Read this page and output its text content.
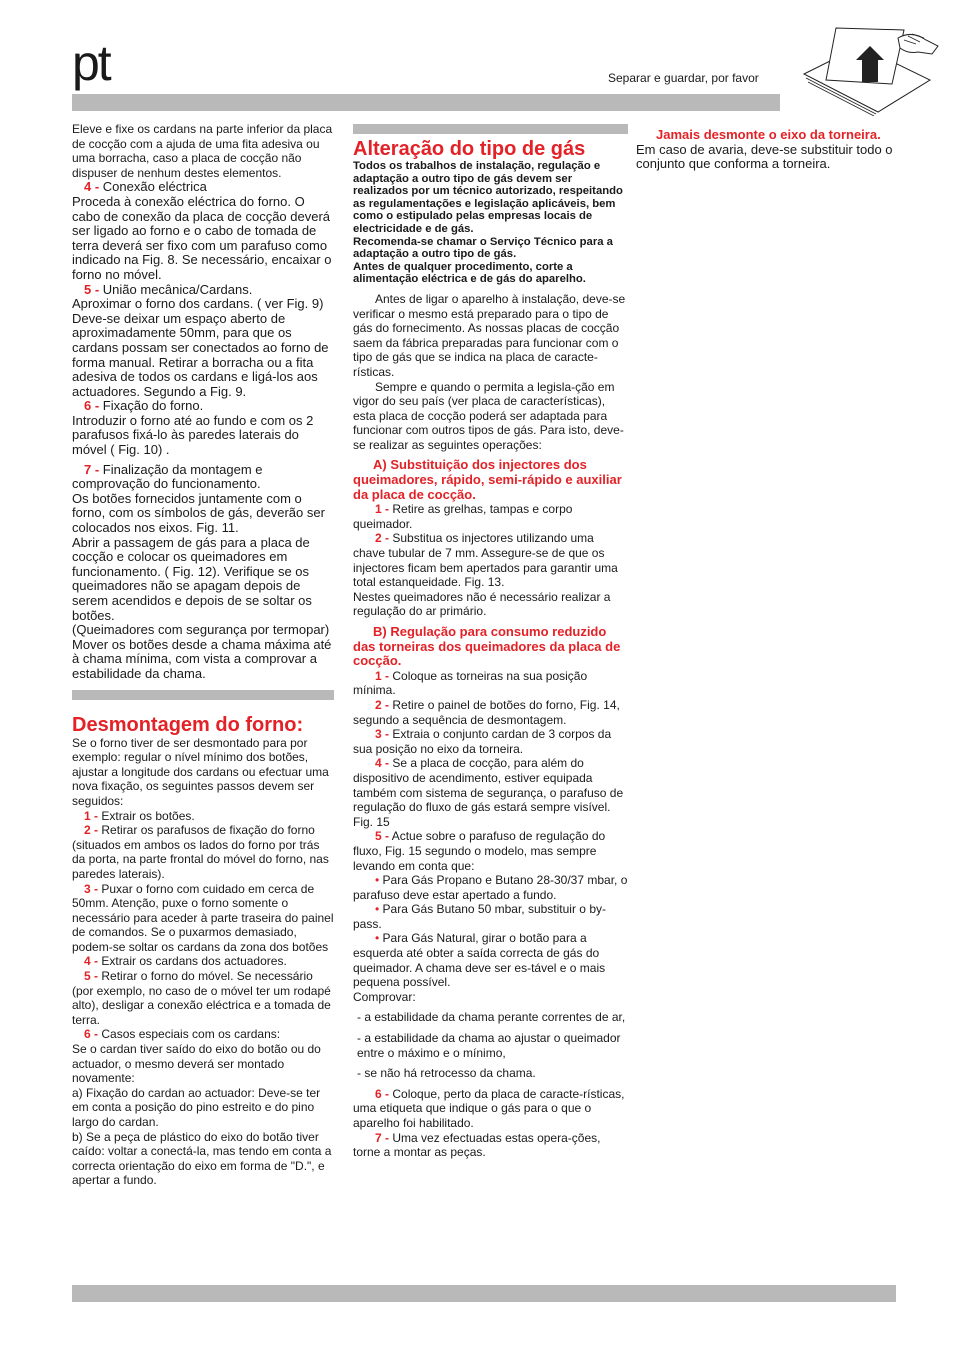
pt	Separar e guardar, por favor

Eleve e fixe os cardans na parte inferior da placa de cocção com a ajuda de uma fita adesiva ou uma borracha, caso a placa de cocção não dispuser de nenhum destes elementos.

4 - Conexão eléctrica

Proceda à conexão eléctrica do forno. O cabo de conexão da placa de cocção deverá ser ligado ao forno e o cabo de tomada de terra deverá ser fixo com um parafuso como indicado na Fig. 8. Se necessário, encaixar o forno no móvel.

5 - União mecânica/Cardans.

Aproximar o forno dos cardans. ( ver Fig. 9) Deve-se deixar um espaço aberto de aproximadamente 50mm, para que os cardans possam ser conectados ao forno de forma manual. Retirar a borracha ou a fita adesiva de todos os cardans e ligá-los aos actuadores. Segundo a Fig. 9.

6 - Fixação do forno.

Introduzir o forno até ao fundo e com os 2 parafusos fixá-lo às paredes laterais do móvel ( Fig. 10) .

7 - Finalização da montagem e comprovação do funcionamento.

Os botões fornecidos juntamente com o forno, com os símbolos de gás, deverão ser colocados nos eixos. Fig. 11.

Abrir a passagem de gás para a placa de cocção e colocar os queimadores em funcionamento. ( Fig. 12). Verifique se os queimadores não se apagam depois de serem acendidos e depois de se soltar os botões.

(Queimadores com segurança por termopar) Mover os botões desde a chama máxima até à chama mínima, com vista a comprovar a estabilidade da chama.

Desmontagem do forno:

Se o forno tiver de ser desmontado para por exemplo: regular o nível mínimo dos botões, ajustar a longitude dos cardans ou efectuar uma nova fixação, os seguintes passos devem ser seguidos:

1 - Extrair os botões.

2 - Retirar os parafusos de fixação do forno (situados em ambos os lados do forno por trás da porta, na parte frontal do móvel do forno, nas paredes laterais).

3 - Puxar o forno com cuidado em cerca de 50mm. Atenção, puxe o forno somente o necessário para aceder à parte traseira do painel de comandos. Se o puxarmos demasiado, podem-se soltar os cardans da zona dos botões

4 - Extrair os cardans dos actuadores.

5 - Retirar o forno do móvel. Se necessário (por exemplo, no caso de o móvel ter um rodapé alto), desligar a conexão eléctrica e a tomada de terra.

6 - Casos especiais com os cardans:

Se o cardan tiver saído do eixo do botão ou do actuador, o mesmo deverá ser montado novamente:

a) Fixação do cardan ao actuador: Deve-se ter em conta a posição do pino estreito e do pino largo do cardan.

b) Se a peça de plástico do eixo do botão tiver caído: voltar a conectá-la, mas tendo em conta a correcta orientação do eixo em forma de "D.", e apertar a fundo.

Alteração do tipo de gás

Todos os trabalhos de instalação, regulação e adaptação a outro tipo de gás devem ser realizados por um técnico autorizado, respeitando as regulamentações e legislação aplicáveis, bem como o estipulado pelas empresas locais de electricidade e de gás.

Recomenda-se chamar o Serviço Técnico para a adaptação a outro tipo de gás.

Antes de qualquer procedimento, corte a alimentação eléctrica e de gás do aparelho.

Antes de ligar o aparelho à instalação, deve-se verificar o mesmo está preparado para o tipo de gás do fornecimento. As nossas placas de cocção saem da fábrica preparadas para funcionar com o tipo de gás que se indica na placa de caracte-rísticas.

Sempre e quando o permita a legisla-ção em vigor do seu país (ver placa de características), esta placa de cocção poderá ser adaptada para funcionar com outros tipos de gás. Para isto, deve-se realizar as seguintes operações:

A) Substituição dos injectores dos queimadores, rápido, semi-rápido e auxiliar da placa de cocção.

1 - Retire as grelhas, tampas e corpo queimador.

2 - Substitua os injectores utilizando uma chave tubular de 7 mm. Assegure-se de que os injectores ficam bem apertados para garantir uma total estanqueidade. Fig. 13.

Nestes queimadores não é necessário realizar a regulação do ar primário.

B) Regulação para consumo reduzido das torneiras dos queimadores da placa de cocção.

1 - Coloque as torneiras na sua posição mínima.

2 - Retire o painel de botões do forno, Fig. 14, segundo a sequência de desmontagem.

3 - Extraia o conjunto cardan de 3 corpos da sua posição no eixo da torneira.

4 - Se a placa de cocção, para além do dispositivo de acendimento, estiver equipada também com sistema de segurança, o parafuso de regulação do fluxo de gás estará sempre visível. Fig. 15

5 - Actue sobre o parafuso de regulação do fluxo, Fig. 15 segundo o modelo, mas sempre levando em conta que:

• Para Gás Propano e Butano 28-30/37 mbar, o parafuso deve estar apertado a fundo.

• Para Gás Butano 50 mbar, substituir o by-pass.

• Para Gás Natural, girar o botão para a esquerda até obter a saída correcta de gás do queimador. A chama deve ser es-tável e o mais pequena possível.

Comprovar:

- a estabilidade da chama perante correntes de ar,

- a estabilidade da chama ao ajustar o queimador entre o máximo e o mínimo,

- se não há retrocesso da chama.

6 - Coloque, perto da placa de caracte-rísticas, uma etiqueta que indique o gás para o que o aparelho foi habilitado.

7 - Uma vez efectuadas estas opera-ções, torne a montar as peças.

Jamais desmonte o eixo da torneira.

Em caso de avaria, deve-se substituir todo o conjunto que conforma a torneira.
